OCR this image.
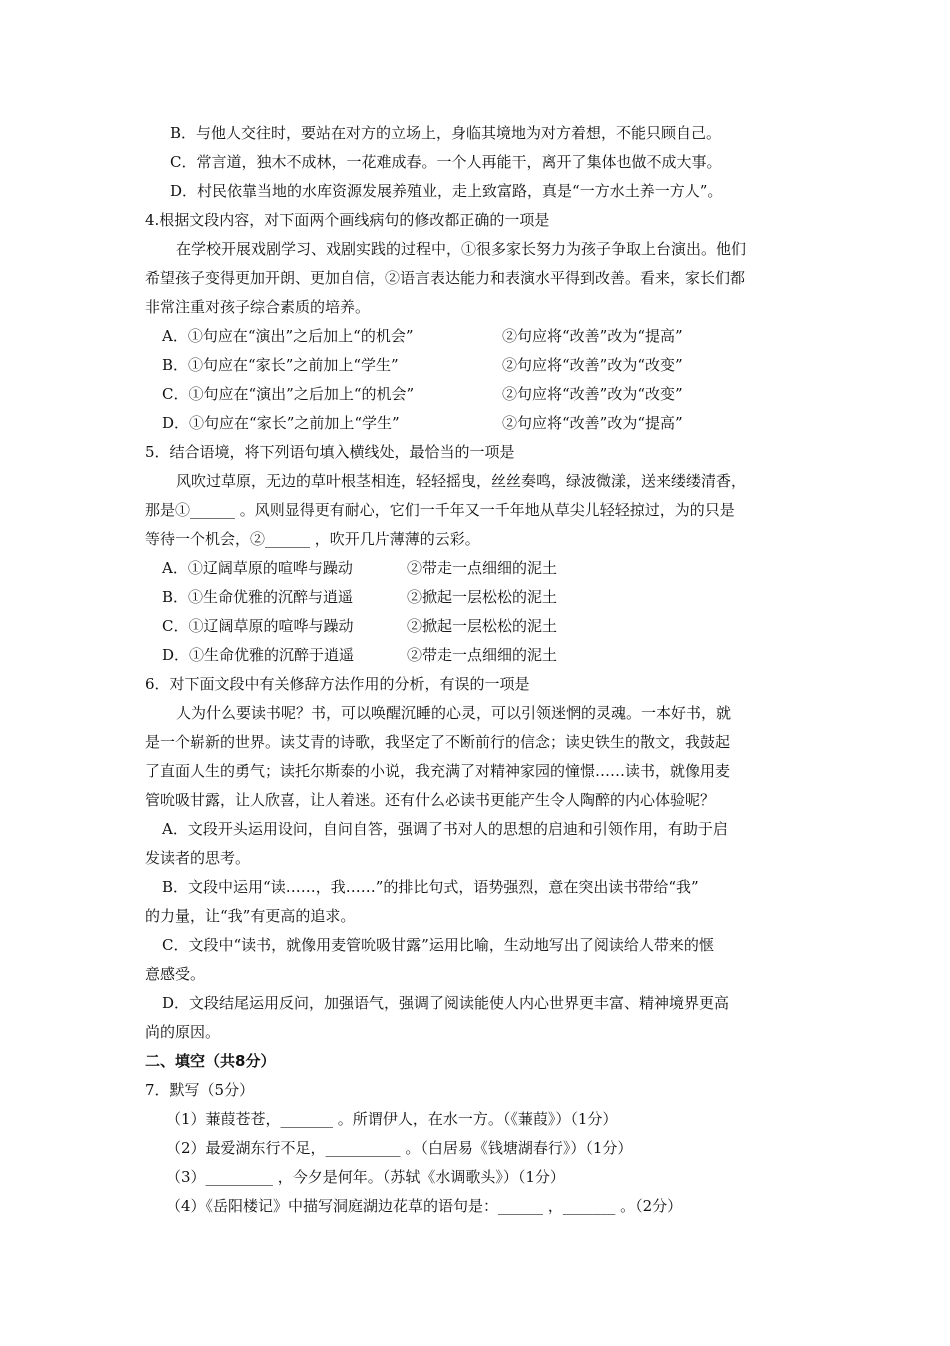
B．与他人交往时，要站在对方的立场上，身临其境地为对方着想，不能只顾自己。
C．常言道，独木不成林，一花难成春。一个人再能干，离开了集体也做不成大事。
D．村民依靠当地的水库资源发展养殖业，走上致富路，真是“一方水土养一方人”。
4.根据文段内容，对下面两个画线病句的修改都正确的一项是
在学校开展戏剧学习、戏剧实践的过程中，①很多家长努力为孩子争取上台演出。他们
希望孩子变得更加开朗、更加自信，②语言表达能力和表演水平得到改善。看来，家长们都
非常注重对孩子综合素质的培养。
A．①句应在“演出”之后加上“的机会”	②句应将“改善”改为“提高”
B．①句应在“家长”之前加上“学生”	②句应将“改善”改为“改变”
C．①句应在“演出”之后加上“的机会”	②句应将“改善”改为“改变”
D．①句应在“家长”之前加上“学生”	②句应将“改善”改为“提高”
5．结合语境，将下列语句填入横线处，最恰当的一项是
风吹过草原，无边的草叶根茎相连，轻轻摇曳，丝丝奏鸣，绿波微漾，送来缕缕清香，
那是①______ 。风则显得更有耐心，它们一千年又一千年地从草尖儿轻轻掠过，为的只是
等待一个机会，②______ ，吹开几片薄薄的云彩。
A．①辽阔草原的喧哗与躁动	②带走一点细细的泥土
B．①生命优雅的沉醉与逍遥	②掀起一层松松的泥土
C．①辽阔草原的喧哗与躁动	②掀起一层松松的泥土
D．①生命优雅的沉醉于逍遥	②带走一点细细的泥土
6．对下面文段中有关修辞方法作用的分析，有误的一项是
人为什么要读书呢？书，可以唤醒沉睡的心灵，可以引领迷惘的灵魂。一本好书，就
是一个崭新的世界。读艾青的诗歌，我坚定了不断前行的信念；读史铁生的散文，我鼓起
了直面人生的勇气；读托尔斯泰的小说，我充满了对精神家园的憧憬……读书，就像用麦
管吮吸甘露，让人欣喜，让人着迷。还有什么必读书更能产生令人陶醉的内心体验呢？
A．文段开头运用设问，自问自答，强调了书对人的思想的启迪和引领作用，有助于启
发读者的思考。
B．文段中运用“读……，我……”的排比句式，语势强烈，意在突出读书带给“我”
的力量，让“我”有更高的追求。
C．文段中“读书，就像用麦管吮吸甘露”运用比喻，生动地写出了阅读给人带来的惬
意感受。
D．文段结尾运用反问，加强语气，强调了阅读能使人内心世界更丰富、精神境界更高
尚的原因。
二、填空（共8分）
7．默写（5分）
（1）蒹葭苍苍，_______ 。所谓伊人，在水一方。（《蒹葭》）（1分）
（2）最爱湖东行不足，__________ 。（白居易《钱塘湖春行》）（1分）
（3）_________ ，今夕是何年。（苏轼《水调歌头》）（1分）
（4）《岳阳楼记》中描写洞庭湖边花草的语句是：______ ，_______ 。（2分）
